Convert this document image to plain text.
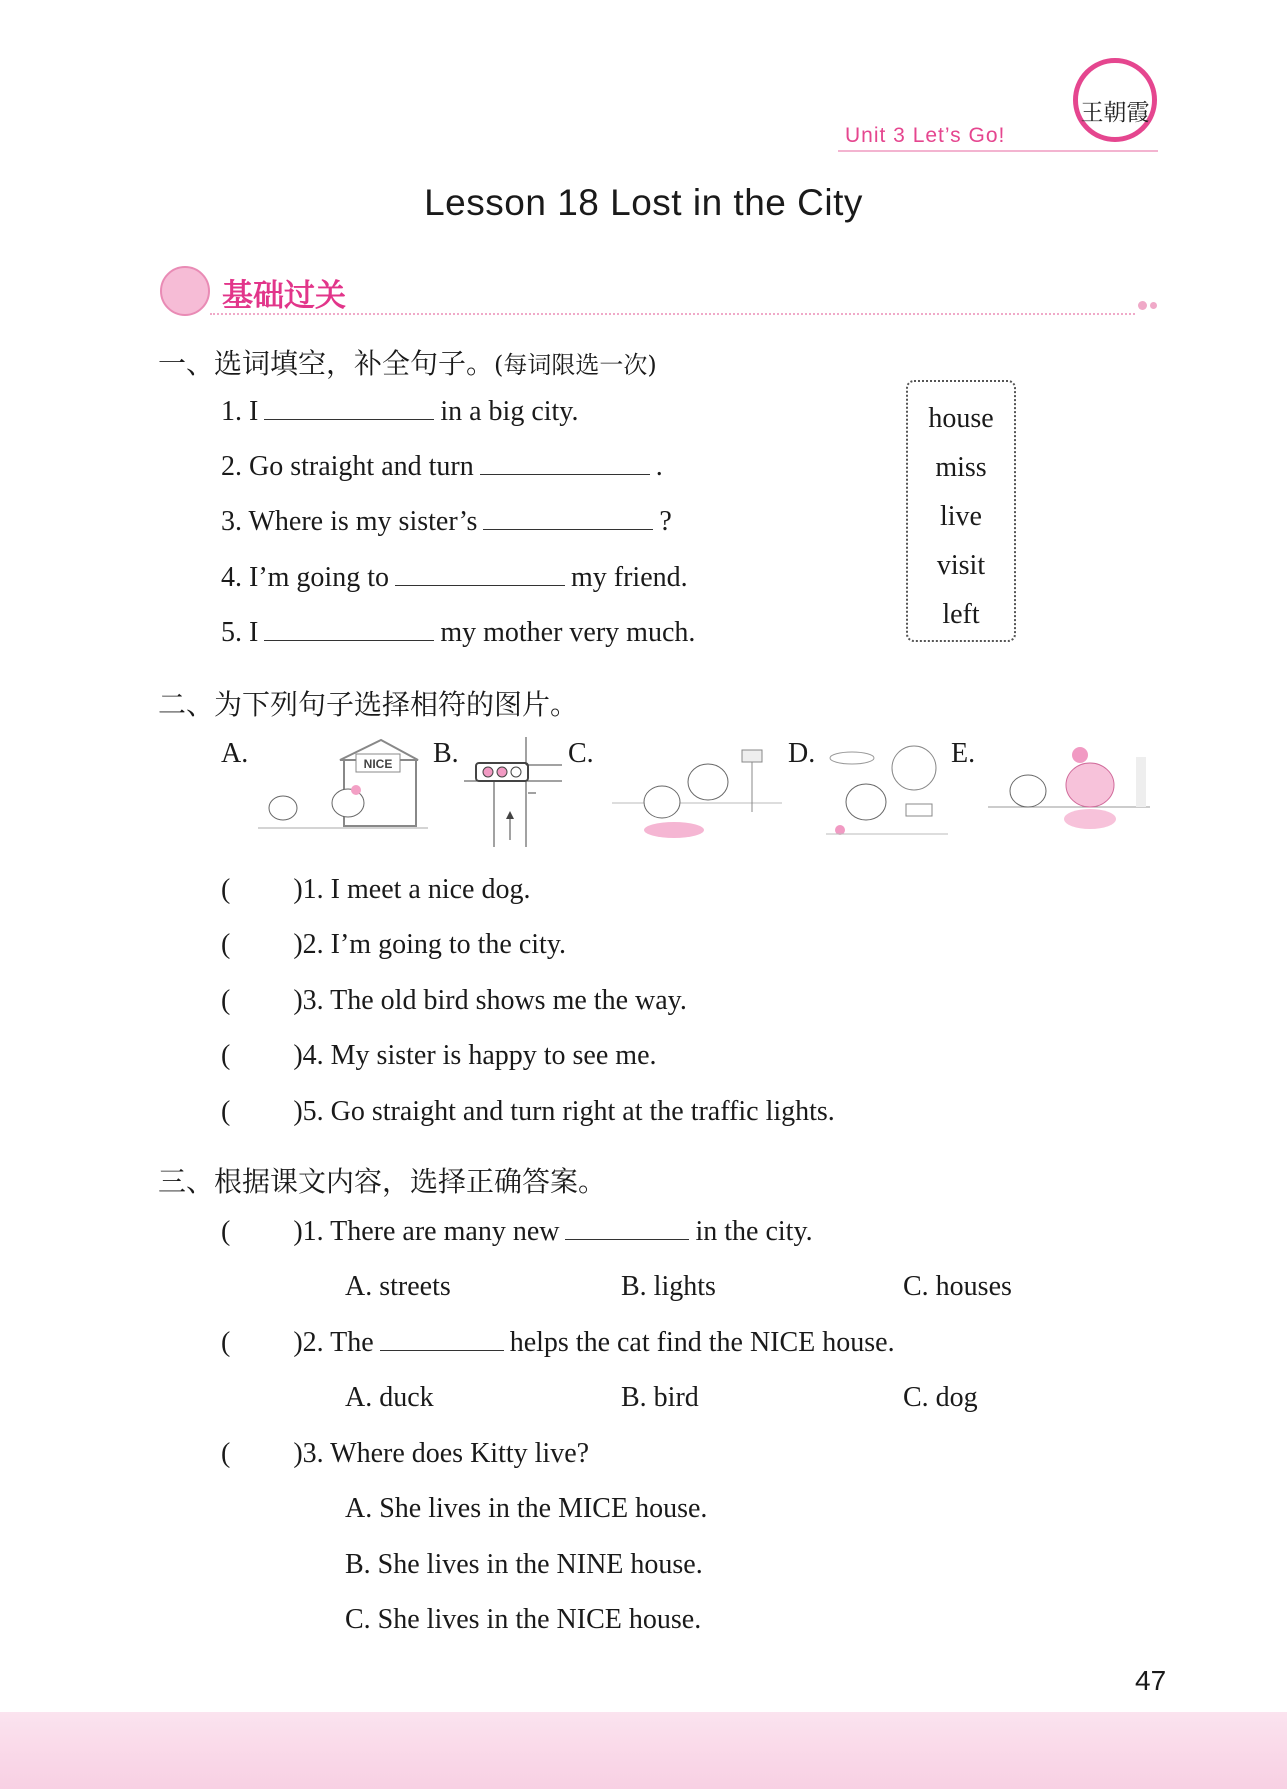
王朝霞
Unit 3 Let’s Go!
Lesson 18 Lost in the City
基础过关
一、选词填空，补全句子。(每词限选一次)
1. I	in a big city.
2. Go straight and turn	.
3. Where is my sister’s	?
4. I’m going to	my friend.
5. I	my mother very much.
house
miss
live
visit
left
二、为下列句子选择相符的图片。
A.	B.	C.	D.	E.
NICE
(         )1. I meet a nice dog.
(         )2. I’m going to the city.
(         )3. The old bird shows me the way.
(         )4. My sister is happy to see me.
(         )5. Go straight and turn right at the traffic lights.
三、根据课文内容，选择正确答案。
(         )1. There are many new	in the city.
A. streets	B. lights	C. houses
(         )2. The	helps the cat find the NICE house.
A. duck	B. bird	C. dog
(         )3. Where does Kitty live?
A. She lives in the MICE house.
B. She lives in the NINE house.
C. She lives in the NICE house.
47
